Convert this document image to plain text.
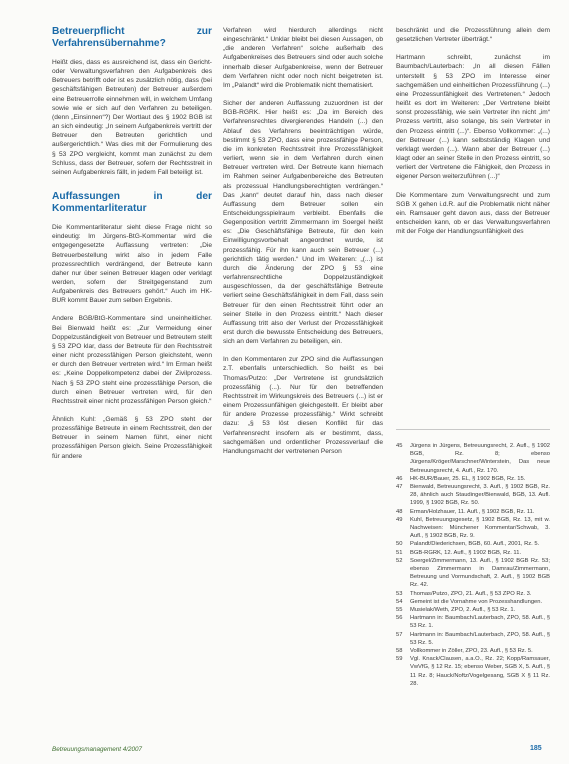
Betreuerpflicht zur Verfahrensübernahme?

Heißt dies, dass es ausreichend ist, dass ein Gericht- oder Verwaltungsverfahren den Aufgabenkreis des Betreuers betrifft oder ist es zusätzlich nötig, dass (bei geschäftsfähigen Betreuten) der Betreuer außerdem eine Betreuerrolle einnehmen will, in welchem Umfang sowie wie er sich auf den Verfahren zu beteiligen. (denn „Einsinnen“?) Der Wortlaut des § 1902 BGB ist an sich eindeutig: „In seinem Aufgabenkreis vertritt der Betreuer den Betreuten gerichtlich und außergerichtlich.“ Was dies mit der Formulierung des § 53 ZPO vergleicht, kommt man zunächst zu dem Schluss, dass der Betreuer, sofern der Rechtsstreit in seinen Aufgabenkreis fällt, in jedem Fall beteiligt ist.

Auffassungen in der Kommentarliteratur

Die Kommentarliteratur sieht diese Frage nicht so eindeutig: Im Jürgens-BtG-Kommentar wird die entgegengesetzte Auffassung vertreten: „Die Betreuerbestellung wirkt also in jedem Falle prozessrechtlich verdrängend, der Betreute kann daher nur über seinen Betreuer klagen oder verklagt werden, sofern der Streitgegenstand zum Aufgabenkreis des Betreuers gehört.“ Auch im HK-BUR kommt Bauer zum selben Ergebnis.

Andere BGB/BtG-Kommentare sind uneinheitlicher. Bei Bienwald heißt es: „Zur Vermeidung einer Doppelzuständigkeit von Betreuer und Betreutem stellt § 53 ZPO klar, dass der Betreute für den Rechtsstreit einer nicht prozessfähigen Person gleichsteht, wenn er durch den Betreuer vertreten wird.“ Im Erman heißt es: „Keine Doppelkompetenz dabei der Zivilprozess. Nach § 53 ZPO steht eine prozessfähige Person, die durch einen Betreuer vertreten wird, für den Rechtsstreit einer nicht prozessfähigen Person gleich.“

Ähnlich Kuhl: „Gemäß § 53 ZPO steht der prozessfähige Betreute in einem Rechtsstreit, den der Betreuer in seinem Namen führt, einer nicht prozessfähigen Person gleich. Seine Prozessfähigkeit für andere

Verfahren wird hierdurch allerdings nicht eingeschränkt.“ Unklar bleibt bei diesen Aussagen, ob „die anderen Verfahren“ solche außerhalb des Aufgabenkreises des Betreuers sind oder auch solche innerhalb dieser Aufgabenkreise, wenn der Betreuer dem Verfahren nicht oder noch nicht beigetreten ist. Im „Palandt“ wird die Problematik nicht thematisiert.

Sicher der anderen Auffassung zuzuordnen ist der BGB-RGRK. Hier heißt es: „Da im Bereich des Verfahrensrechtes divergierendes Handeln (...) den Ablauf des Verfahrens beeinträchtigen würde, bestimmt § 53 ZPO, dass eine prozessfähige Person, die im konkreten Rechtsstreit ihre Prozessfähigkeit verliert, wenn sie in dem Verfahren durch einen Betreuer vertreten wird. Der Betreute kann hiernach im Rahmen seiner Aufgabenbereiche des Betreuten als prozessual Handlungsberechtigten verdrängen.“ Das „kann“ deutet darauf hin, dass nach dieser Auffassung dem Betreuer sollen ein Entscheidungsspielraum verbleibt. Ebenfalls die Gegenposition vertritt Zimmermann im Soergel heißt es: „Die Geschäftsfähige Betreute, für den kein Einwilligungsvorbehalt angeordnet wurde, ist prozessfähig. Für ihn kann auch sein Betreuer (...) gerichtlich tätig werden.“ Und im Weiteren: „(...) ist durch die Änderung der ZPO § 53 eine verfahrensrechtliche Doppelzuständigkeit ausgeschlossen, da der geschäftsfähige Betreute verliert seine Geschäftsfähigkeit in dem Fall, dass sein Betreuer für den einen Rechtsstreit führt oder an seiner Stelle in den Prozess eintritt.“ Nach dieser Auffassung tritt also der Verlust der Prozessfähigkeit erst durch die bewusste Entscheidung des Betreuers, sich an dem Verfahren zu beteiligen, ein.

In den Kommentaren zur ZPO sind die Auffassungen z.T. ebenfalls unterschiedlich. So heißt es bei Thomas/Putzo: „Der Vertretene ist grundsätzlich prozessfähig (...). Nur für den betreffenden Rechtsstreit im Wirkungskreis des Betreuers (...) ist er einem Prozessunfähigen gleichgestellt. Er bleibt aber für andere Prozesse prozessfähig.“ Wirkt schreibt dazu: „§ 53 löst diesen Konflikt für das Verfahrensrecht insofern als er bestimmt, dass, sachgemäßen und ordentlicher Prozessverlauf die Handlungsmacht der vertretenen Person

beschränkt und die Prozessführung allein dem gesetzlichen Vertreter überträgt.“

Hartmann schreibt, zunächst im Baumbach/Lauterbach: „In all diesen Fällen unterstellt § 53 ZPO im Interesse einer sachgemäßen und einheitlichen Prozessführung (...) eine Prozessunfähigkeit des Vertretenen.“ Jedoch heißt es dort im Weiteren: „Der Vertretene bleibt sonst prozessfähig, wie sein Vertreter ihn nicht „im“ Prozess vertritt, also solange, bis sein Vertreter in den Prozess eintritt (...)“. Ebenso Vollkommer: „(...) der Betreuer (...) kann selbstständig Klagen und verklagt werden (...). Wann aber der Betreuer (...) klagt oder an seiner Stelle in den Prozess eintritt, so verliert der Vertretene die Fähigkeit, den Prozess in eigener Person weiterzuführen (...)“

Die Kommentare zum Verwaltungsrecht und zum SGB X gehen i.d.R. auf die Problematik nicht näher ein. Ramsauer geht davon aus, dass der Betreuer entscheiden kann, ob er das Verwaltungsverfahren mit der Folge der Handlungsunfähigkeit des

45	Jürgens in Jürgens, Betreuungsrecht, 2. Aufl., § 1902 BGB, Rz. 8; ebenso Jürgens/Kröger/Marschner/Winterstein, Das neue Betreuungsrecht, 4. Aufl., Rz. 170.
46	HK-BUR/Bauer, 25. EL, § 1902 BGB, Rz. 15.
47	Bienwald, Betreuungsrecht, 3. Aufl., § 1902 BGB, Rz. 28, ähnlich auch Staudinger/Bienwald, BGB, 13. Aufl. 1999, § 1902 BGB, Rz. 50.
48	Erman/Holzhauer, 11. Aufl., § 1902 BGB, Rz. 11.
49	Kuhl, Betreuungsgesetz, § 1902 BGB, Rz. 13, mit w. Nachweisen: Münchener Kommentar/Schwab, 3. Aufl., § 1902 BGB, Rz. 9.
50	Palandt/Diederichsen, BGB, 60. Aufl., 2001, Rz. 5.
51	BGB-RGRK, 12. Aufl., § 1902 BGB, Rz. 11.
52	Soergel/Zimmermann, 13. Aufl., § 1902 BGB Rz. 53; ebenso Zimmermann in Damrau/Zimmermann, Betreuung und Vormundschaft, 2. Aufl., § 1902 BGB Rz. 42.
53	Thomas/Putzo, ZPO, 21. Aufl., § 53 ZPO Rz. 3.
54	Gemeint ist die Vornahme von Prozesshandlungen.
55	Musielak/Weth, ZPO, 2. Aufl., § 53 Rz. 1.
56	Hartmann in: Baumbach/Lauterbach, ZPO, 58. Aufl., § 53 Rz. 1.
57	Hartmann in: Baumbach/Lauterbach, ZPO, 58. Aufl., § 53 Rz. 5.
58	Vollkommer in Zöller, ZPO, 23. Aufl., § 53 Rz. 5.
59	Vgl. Knack/Clausen, a.a.O., Rz. 22; Kopp/Ramsauer, VwVfG, § 12 Rz. 15; ebenso Weber, SGB X, 5. Aufl., § 11 Rz. 8; Hauck/Noftz/Vogelgesang, SGB X § 11 Rz. 28.
Betreuungsmanagement 4/2007	185
